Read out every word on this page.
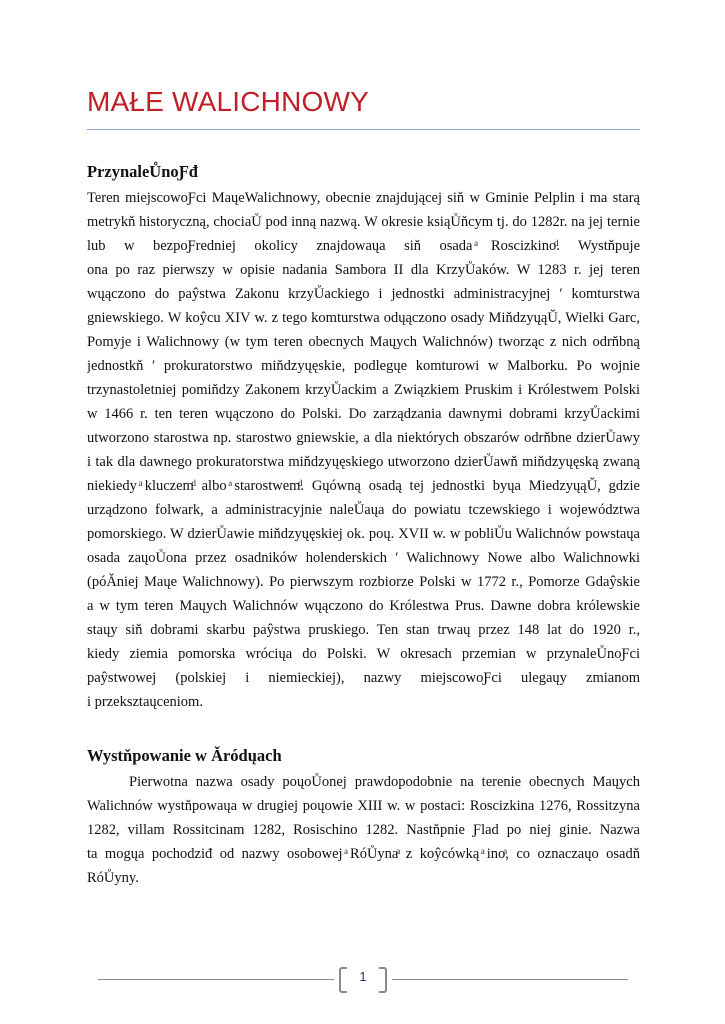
MAŁE WALICHNOWY
PrzynaleŮnoƑđ
Teren miejscowoƑci MaųeWalichnowy, obecnie znajdującej siň w Gminie Pelplin i ma starą
metrykň historyczną, chociaŮ pod inną nazwą. W okresie ksiąŮňcym tj. do 1282r. na jej ternie
lub w bezpoƑredniej okolicy znajdowaųa siň osada ͣRoscizkinoͩ. Wystňpuje
ona po raz pierwszy w opisie nadania Sambora II dla KrzyŮaków. W 1283 r. jej teren
wųączono do paŷstwa Zakonu krzyŮackiego i jednostki administracyjnej ʹ komturstwa
gniewskiego. W koŷcu XIV w. z tego komturstwa odųączono osady MiňdzyųąŬ, Wielki Garc,
Pomyje i Walichnowy (w tym teren obecnych Maųych Walichnów) tworząc z nich odrňbną
jednostkň ʹ prokuratorstwo miňdzyųęskie, podlegųe komturowi w Malborku. Po wojnie
trzynastoletniej pomiňdzy Zakonem krzyŮackim a Związkiem Pruskim i Królestwem Polski
w 1466 r. ten teren wųączono do Polski. Do zarządzania dawnymi dobrami krzyŮackimi
utworzono starostwa np. starostwo gniewskie, a dla niektórych obszarów odrňbne dzierŮawy
i tak dla dawnego prokuratorstwa miňdzyųęskiego utworzono dzierŮawň miňdzyųęską zwaną
niekiedy ͣkluczemͩ albo ͣstarostwemͩ. Gųówną osadą tej jednostki byųa MiedzyųąŬ, gdzie
urządzono folwark, a administracyjnie naleŮaųa do powiatu tczewskiego i województwa
pomorskiego. W dzierŮawie miňdzyųęskiej ok. poų. XVII w. w pobliŮu Walichnów powstaųa
osada zaųoŮona przez osadników holenderskich ʹ Walichnowy Nowe albo Walichnowki
(póǍniej Maųe Walichnowy). Po pierwszym rozbiorze Polski w 1772 r., Pomorze Gdaŷskie
a w tym teren Maųych Walichnów wųączono do Królestwa Prus. Dawne dobra królewskie
staųy siň dobrami skarbu paŷstwa pruskiego. Ten stan trwaų przez 148 lat do 1920 r.,
kiedy ziemia pomorska wróciųa do Polski. W okresach przemian w przynaleŮnoƑci
paŷstwowej (polskiej i niemieckiej), nazwy miejscowoƑci ulegaųy zmianom
i przeksztaųceniom.
Wystňpowanie w Ǎródųach
Pierwotna nazwa osady poųoŮonej prawdopodobnie na terenie obecnych Maųych
Walichnów wystňpowaųa w drugiej poųowie XIII w. w postaci: Roscizkina 1276, Rossitzyna
1282, villam Rossitcinam 1282, Rosischino 1282. Nastňpnie Ƒlad po niej ginie. Nazwa
ta mogųa pochodziđ od nazwy osobowej ͣRóŮynaͣ z koŷcówką ͣinoͣ, co oznaczaųo osadň
RóŮyny.
1
